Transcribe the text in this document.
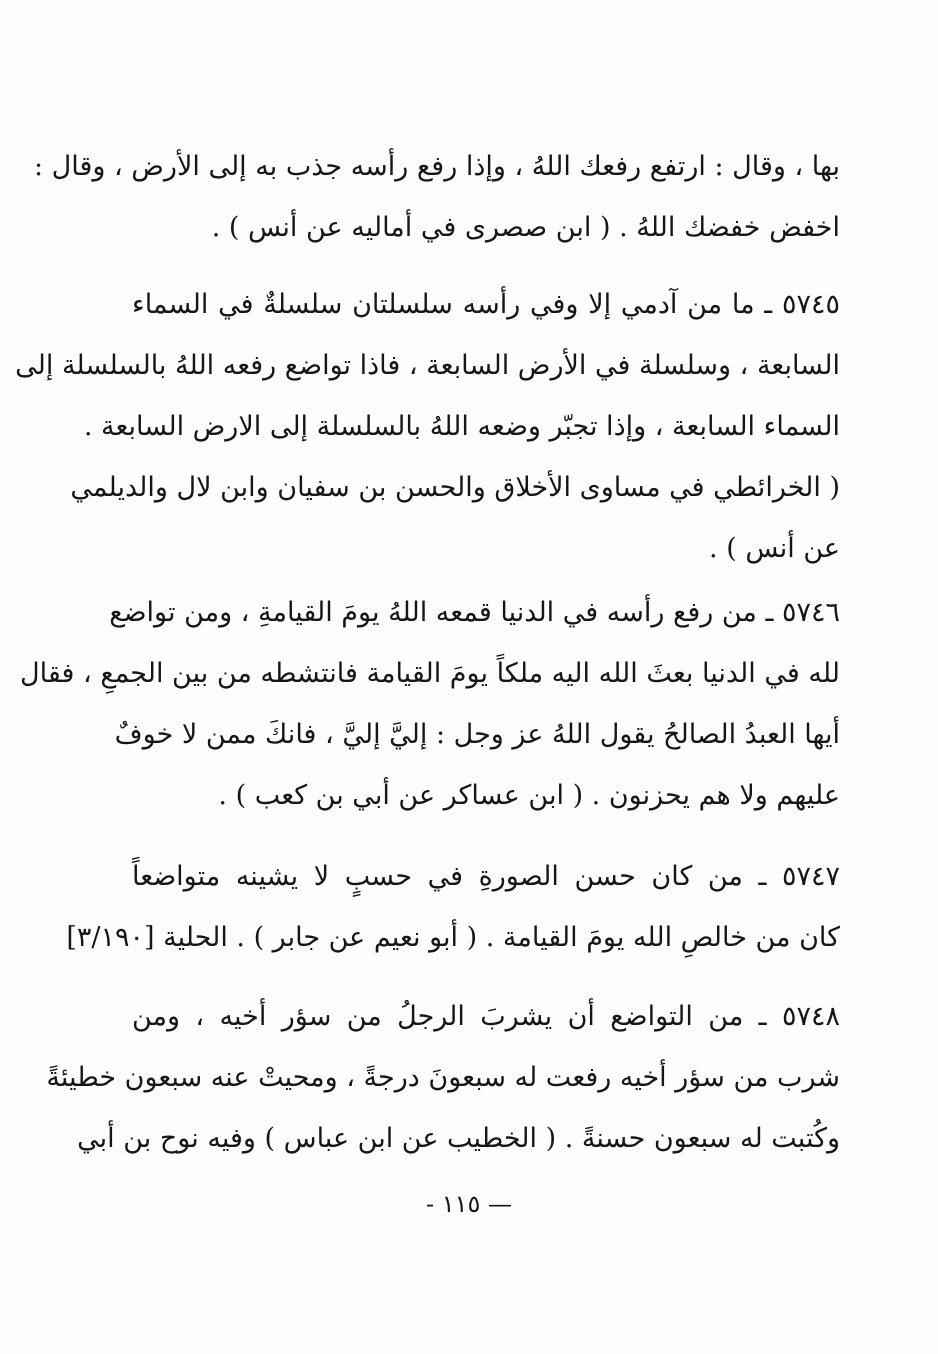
بها ، وقال : ارتفع رفعك اللهُ ، وإذا رفع رأسه جذب به إلى الأرض ، وقال :
اخفض خفضك اللهُ . ( ابن صصرى في أماليه عن أنس ) .
٥٧٤٥ ـ ما من آدمي إلا وفي رأسه سلسلتان سلسلةٌ في السماء
السابعة ، وسلسلة في الأرض السابعة ، فاذا تواضع رفعه اللهُ بالسلسلة إلى
السماء السابعة ، وإذا تجبّر وضعه اللهُ بالسلسلة إلى الارض السابعة .
( الخرائطي في مساوى الأخلاق والحسن بن سفيان وابن لال والديلمي
عن أنس ) .
٥٧٤٦ ـ من رفع رأسه في الدنيا قمعه اللهُ يومَ القيامةِ ، ومن تواضع
لله في الدنيا بعثَ الله اليه ملكاً يومَ القيامة فانتشطه من بين الجمعِ ، فقال
أيها العبدُ الصالحُ يقول اللهُ عز وجل : إليَّ إليَّ ، فانكَ ممن لا خوفٌ
عليهم ولا هم يحزنون . ( ابن عساكر عن أبي بن كعب ) .
٥٧٤٧ ـ من كان حسن الصورةِ في حسبٍ لا يشينه متواضعاً
كان من خالصِ الله يومَ القيامة . ( أبو نعيم عن جابر ) . الحلية [٣/١٩٠]
٥٧٤٨ ـ من التواضع أن يشربَ الرجلُ من سؤر أخيه ، ومن
شرب من سؤر أخيه رفعت له سبعونَ درجةً ، ومحيتْ عنه سبعون خطيئةً
وكُتبت له سبعون حسنةً . ( الخطيب عن ابن عباس ) وفيه نوح بن أبي
— ١١٥ -
